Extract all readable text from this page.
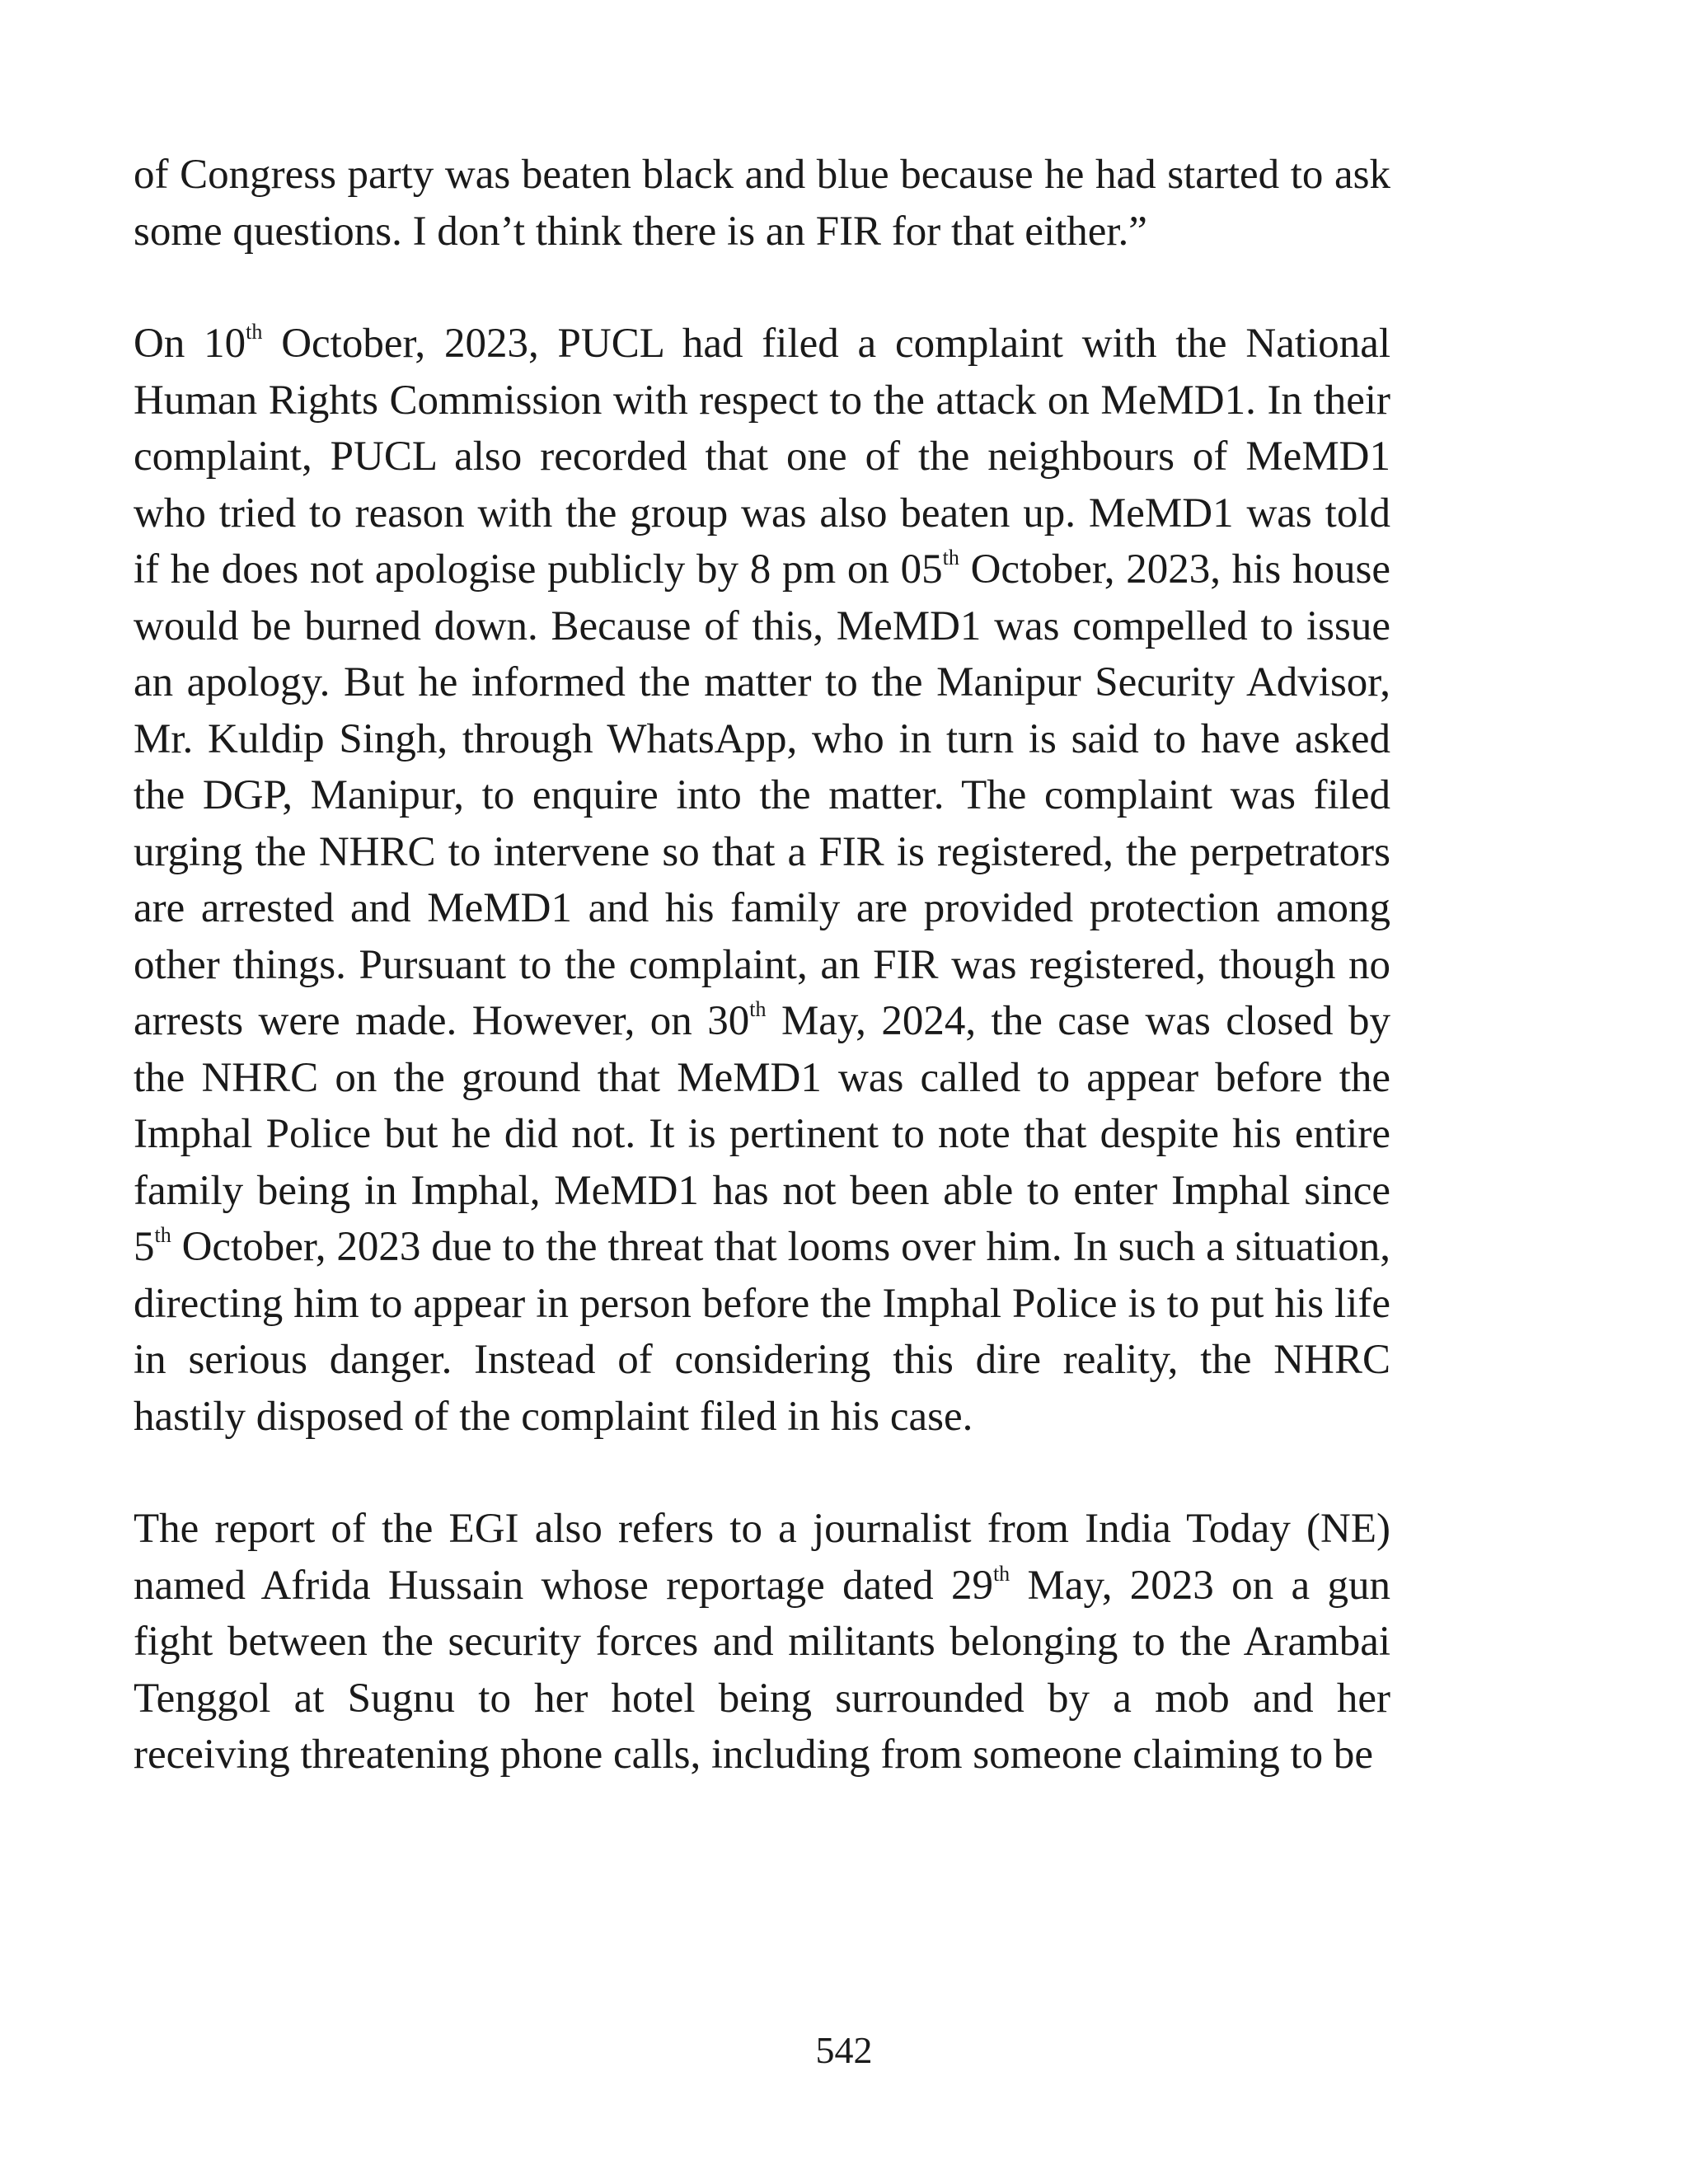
of Congress party was beaten black and blue because he had started to ask some questions. I don’t think there is an FIR for that either.”

On 10th October, 2023, PUCL had filed a complaint with the National Human Rights Commission with respect to the attack on MeMD1. In their complaint, PUCL also recorded that one of the neighbours of MeMD1 who tried to reason with the group was also beaten up. MeMD1 was told if he does not apologise publicly by 8 pm on 05th October, 2023, his house would be burned down. Because of this, MeMD1 was compelled to issue an apology. But he informed the matter to the Manipur Security Advisor, Mr. Kuldip Singh, through WhatsApp, who in turn is said to have asked the DGP, Manipur, to enquire into the matter. The complaint was filed urging the NHRC to intervene so that a FIR is registered, the perpetrators are arrested and MeMD1 and his family are provided protection among other things. Pursuant to the complaint, an FIR was registered, though no arrests were made. However, on 30th May, 2024, the case was closed by the NHRC on the ground that MeMD1 was called to appear before the Imphal Police but he did not. It is pertinent to note that despite his entire family being in Imphal, MeMD1 has not been able to enter Imphal since 5th October, 2023 due to the threat that looms over him. In such a situation, directing him to appear in person before the Imphal Police is to put his life in serious danger. Instead of considering this dire reality, the NHRC hastily disposed of the complaint filed in his case.

The report of the EGI also refers to a journalist from India Today (NE) named Afrida Hussain whose reportage dated 29th May, 2023 on a gun fight between the security forces and militants belonging to the Arambai Tenggol at Sugnu to her hotel being surrounded by a mob and her receiving threatening phone calls, including from someone claiming to be

542
